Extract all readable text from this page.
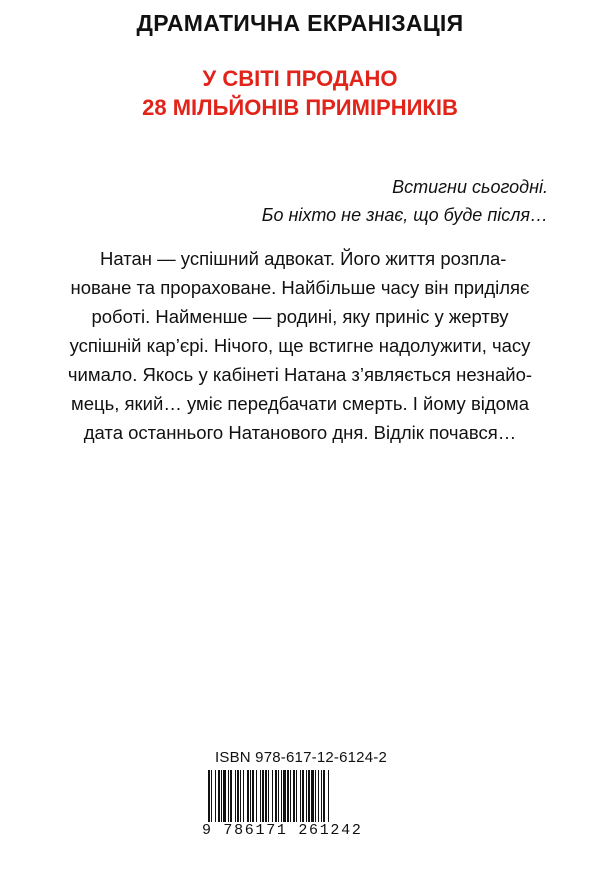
ДРАМАТИЧНА ЕКРАНІЗАЦІЯ
У СВІТІ ПРОДАНО
28 МІЛЬЙОНІВ ПРИМІРНИКІВ

Встигни сьогодні.

Бо ніхто не знає, що буде після…

Натан — успішний адвокат. Його життя розпла-

новане та прораховане. Найбільше часу він приділяє

роботі. Найменше — родині, яку приніс у жертву

успішній кар’єрі. Нічого, ще встигне надолужити, часу

чимало. Якось у кабінеті Натана з’являється незнайо-

мець, який… уміє передбачати смерть. І йому відома

дата останнього Натанового дня. Відлік почався…

ISBN 978-617-12-6124-2

9 786171 261242
